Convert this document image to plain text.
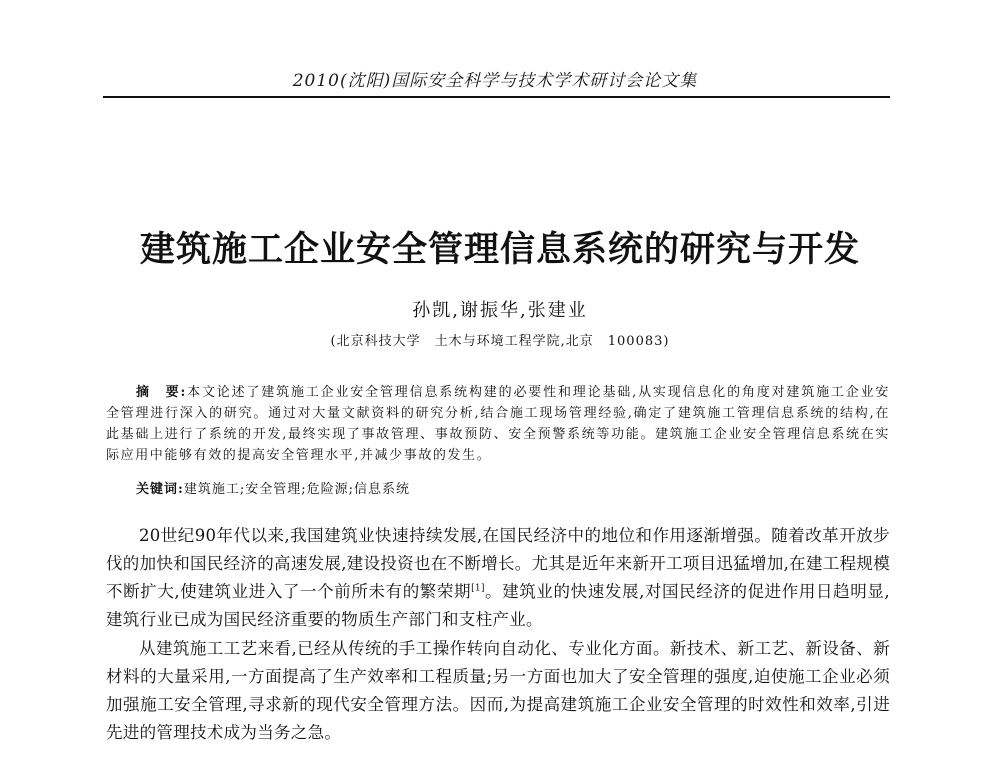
2010(沈阳)国际安全科学与技术学术研讨会论文集
建筑施工企业安全管理信息系统的研究与开发
孙凯,谢振华,张建业
(北京科技大学　土木与环境工程学院,北京　100083)
摘　要:本文论述了建筑施工企业安全管理信息系统构建的必要性和理论基础,从实现信息化的角度对建筑施工企业安全管理进行深入的研究。通过对大量文献资料的研究分析,结合施工现场管理经验,确定了建筑施工管理信息系统的结构,在此基础上进行了系统的开发,最终实现了事故管理、事故预防、安全预警系统等功能。建筑施工企业安全管理信息系统在实际应用中能够有效的提高安全管理水平,并减少事故的发生。
关键词:建筑施工;安全管理;危险源;信息系统

20世纪90年代以来,我国建筑业快速持续发展,在国民经济中的地位和作用逐渐增强。随着改革开放步伐的加快和国民经济的高速发展,建设投资也在不断增长。尤其是近年来新开工项目迅猛增加,在建工程规模不断扩大,使建筑业进入了一个前所未有的繁荣期[1]。建筑业的快速发展,对国民经济的促进作用日趋明显,建筑行业已成为国民经济重要的物质生产部门和支柱产业。

从建筑施工工艺来看,已经从传统的手工操作转向自动化、专业化方面。新技术、新工艺、新设备、新材料的大量采用,一方面提高了生产效率和工程质量;另一方面也加大了安全管理的强度,迫使施工企业必须加强施工安全管理,寻求新的现代安全管理方法。因而,为提高建筑施工企业安全管理的时效性和效率,引进先进的管理技术成为当务之急。
